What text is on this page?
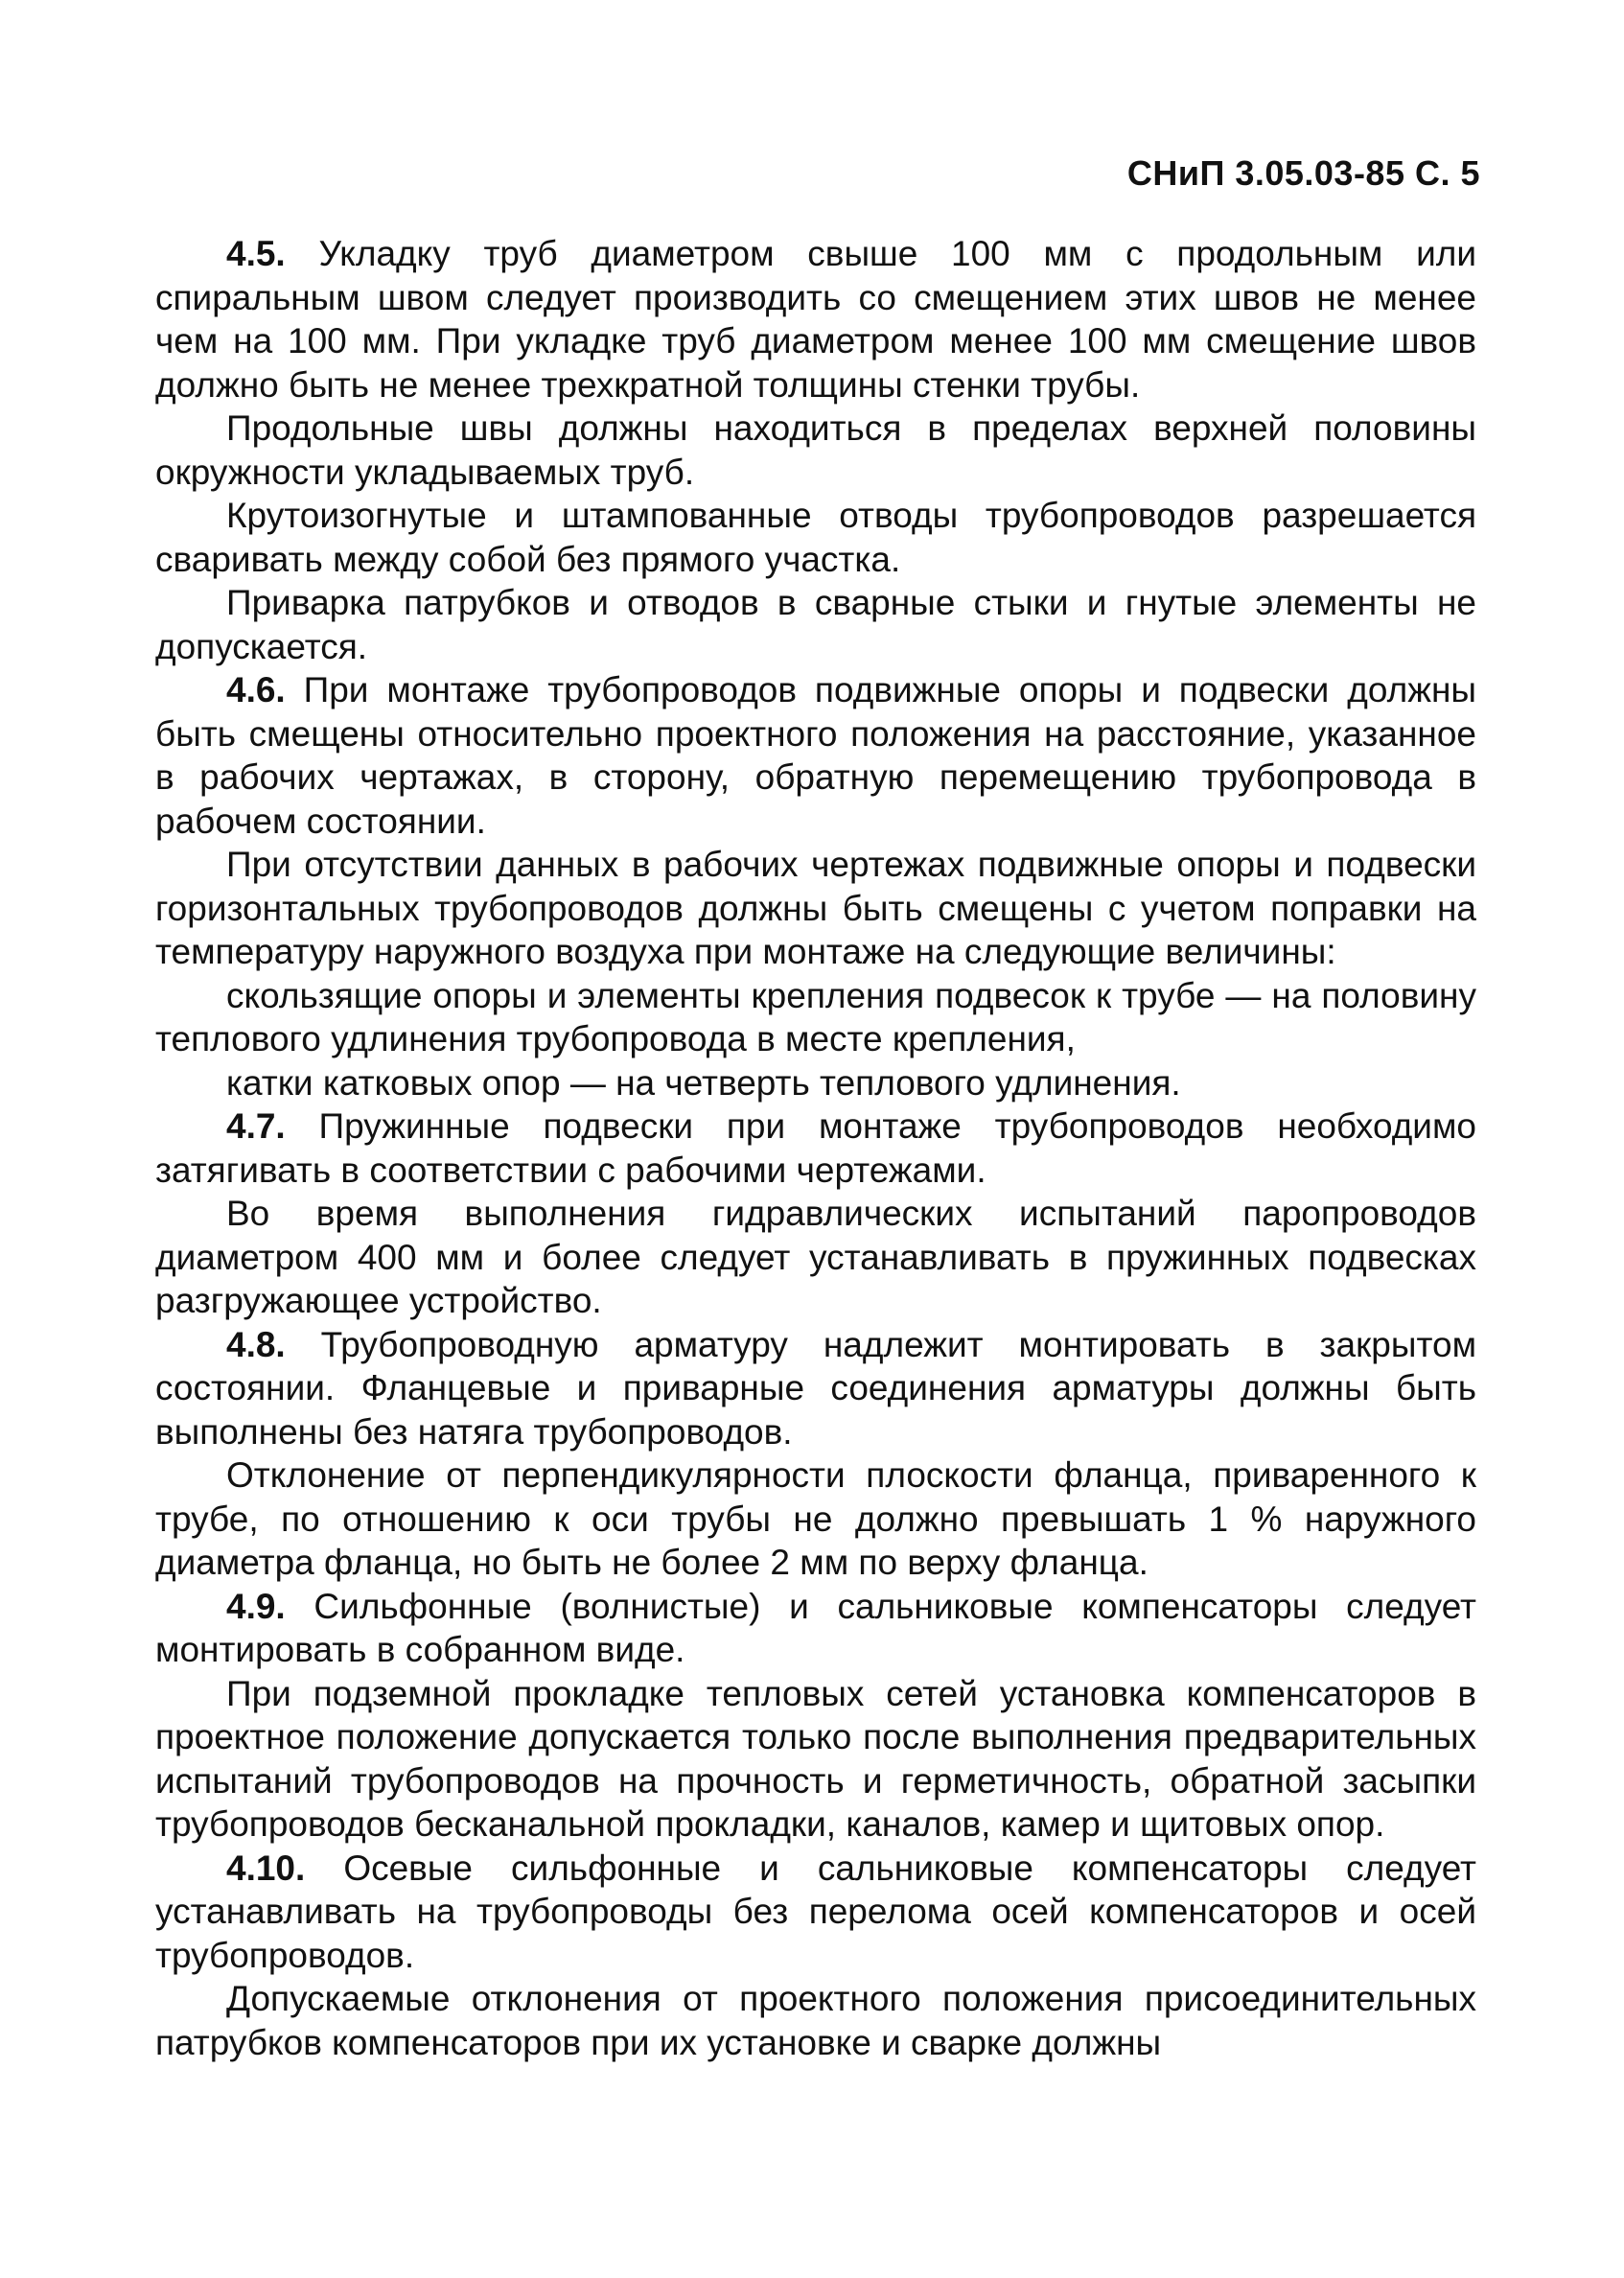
СНиП 3.05.03-85 С. 5

4.5. Укладку труб диаметром свыше 100 мм с продольным или спиральным швом следует производить со смещением этих швов не менее чем на 100 мм. При укладке труб диаметром менее 100 мм смещение швов должно быть не менее трехкратной толщины стенки трубы.

Продольные швы должны находиться в пределах верхней половины окружности укладываемых труб.

Крутоизогнутые и штампованные отводы трубопроводов разрешается сваривать между собой без прямого участка.

Приварка патрубков и отводов в сварные стыки и гнутые элементы не допускается.

4.6. При монтаже трубопроводов подвижные опоры и подвески должны быть смещены относительно проектного положения на расстояние, указанное в рабочих чертажах, в сторону, обратную перемещению трубопровода в рабочем состоянии.

При отсутствии данных в рабочих чертежах подвижные опоры и подвески горизонтальных трубопроводов должны быть смещены с учетом поправки на температуру наружного воздуха при монтаже на следующие величины:

скользящие опоры и элементы крепления подвесок к трубе — на половину теплового удлинения трубопровода в месте крепления,

катки катковых опор — на четверть теплового удлинения.

4.7. Пружинные подвески при монтаже трубопроводов необходимо затягивать в соответствии с рабочими чертежами.

Во время выполнения гидравлических испытаний паропроводов диаметром 400 мм и более следует устанавливать в пружинных подвесках разгружающее устройство.

4.8. Трубопроводную арматуру надлежит монтировать в закрытом состоянии. Фланцевые и приварные соединения арматуры должны быть выполнены без натяга трубопроводов.

Отклонение от перпендикулярности плоскости фланца, приваренного к трубе, по отношению к оси трубы не должно превышать 1 % наружного диаметра фланца, но быть не более 2 мм по верху фланца.

4.9. Сильфонные (волнистые) и сальниковые компенсаторы следует монтировать в собранном виде.

При подземной прокладке тепловых сетей установка компенсаторов в проектное положение допускается только после выполнения предварительных испытаний трубопроводов на прочность и герметичность, обратной засыпки трубопроводов бесканальной прокладки, каналов, камер и щитовых опор.

4.10. Осевые сильфонные и сальниковые компенсаторы следует устанавливать на трубопроводы без перелома осей компенсаторов и осей трубопроводов.

Допускаемые отклонения от проектного положения присоединительных патрубков компенсаторов при их установке и сварке должны
